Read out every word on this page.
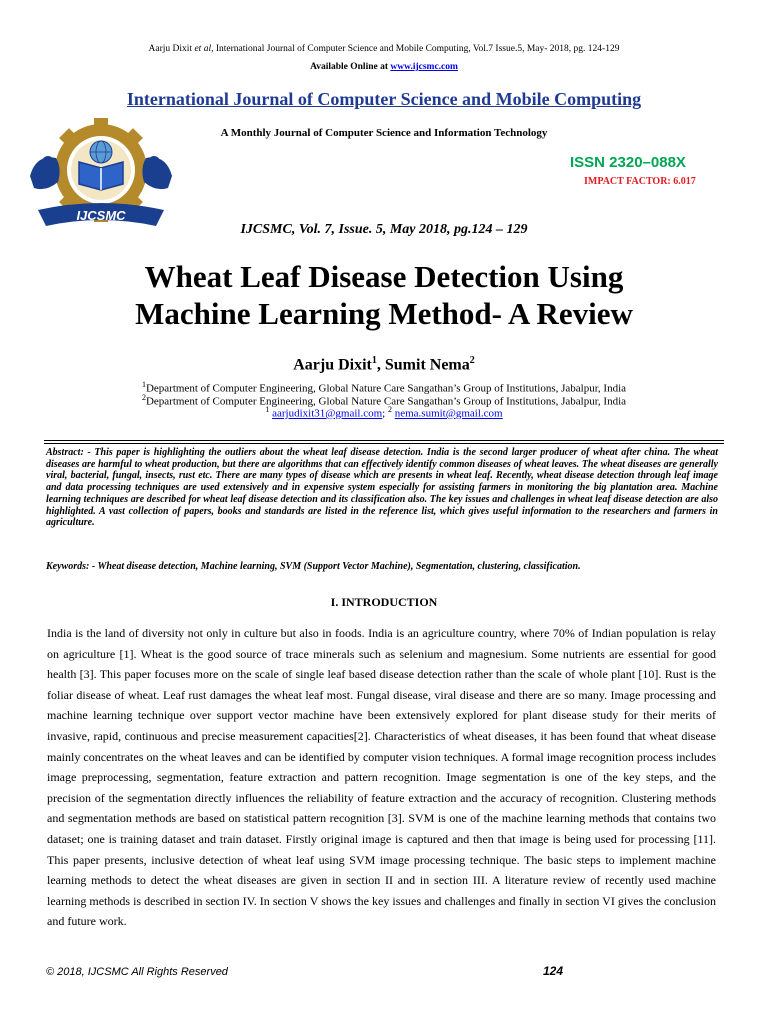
Aarju Dixit et al, International Journal of Computer Science and Mobile Computing, Vol.7 Issue.5, May- 2018, pg. 124-129
Available Online at www.ijcsmc.com
International Journal of Computer Science and Mobile Computing
A Monthly Journal of Computer Science and Information Technology
IJCSMC
ISSN 2320–088X
IMPACT FACTOR: 6.017
IJCSMC, Vol. 7, Issue. 5, May 2018, pg.124 – 129
Wheat Leaf Disease Detection Using
Machine Learning Method- A Review
Aarju Dixit$^1$, Sumit Nema$^2$
$^1$Department of Computer Engineering, Global Nature Care Sangathan’s Group of Institutions, Jabalpur, India
$^2$Department of Computer Engineering, Global Nature Care Sangathan’s Group of Institutions, Jabalpur, India
$^1$ aarjudixit31@gmail.com; $^2$ nema.sumit@gmail.com
Abstract: - This paper is highlighting the outliers about the wheat leaf disease detection. India is the second larger producer of wheat after china. The wheat diseases are harmful to wheat production, but there are algorithms that can effectively identify common diseases of wheat leaves. The wheat diseases are generally viral, bacterial, fungal, insects, rust etc. There are many types of disease which are presents in wheat leaf. Recently, wheat disease detection through leaf image and data processing techniques are used extensively and in expensive system especially for assisting farmers in monitoring the big plantation area. Machine learning techniques are described for wheat leaf disease detection and its classification also. The key issues and challenges in wheat leaf disease detection are also highlighted. A vast collection of papers, books and standards are listed in the reference list, which gives useful information to the researchers and farmers in agriculture.
Keywords: - Wheat disease detection, Machine learning, SVM (Support Vector Machine), Segmentation, clustering, classification.
I. INTRODUCTION
India is the land of diversity not only in culture but also in foods. India is an agriculture country, where 70% of Indian population is relay on agriculture [1]. Wheat is the good source of trace minerals such as selenium and magnesium. Some nutrients are essential for good health [3]. This paper focuses more on the scale of single leaf based disease detection rather than the scale of whole plant [10]. Rust is the foliar disease of wheat. Leaf rust damages the wheat leaf most. Fungal disease, viral disease and there are so many. Image processing and machine learning technique over support vector machine have been extensively explored for plant disease study for their merits of invasive, rapid, continuous and precise measurement capacities[2]. Characteristics of wheat diseases, it has been found that wheat disease mainly concentrates on the wheat leaves and can be identified by computer vision techniques. A formal image recognition process includes image preprocessing, segmentation, feature extraction and pattern recognition. Image segmentation is one of the key steps, and the precision of the segmentation directly influences the reliability of feature extraction and the accuracy of recognition. Clustering methods and segmentation methods are based on statistical pattern recognition [3]. SVM is one of the machine learning methods that contains two dataset; one is training dataset and train dataset. Firstly original image is captured and then that image is being used for processing [11]. This paper presents, inclusive detection of wheat leaf using SVM image processing technique. The basic steps to implement machine learning methods to detect the wheat diseases are given in section II and in section III. A literature review of recently used machine learning methods is described in section IV. In section V shows the key issues and challenges and finally in section VI gives the conclusion and future work.
© 2018, IJCSMC All Rights Reserved	124
